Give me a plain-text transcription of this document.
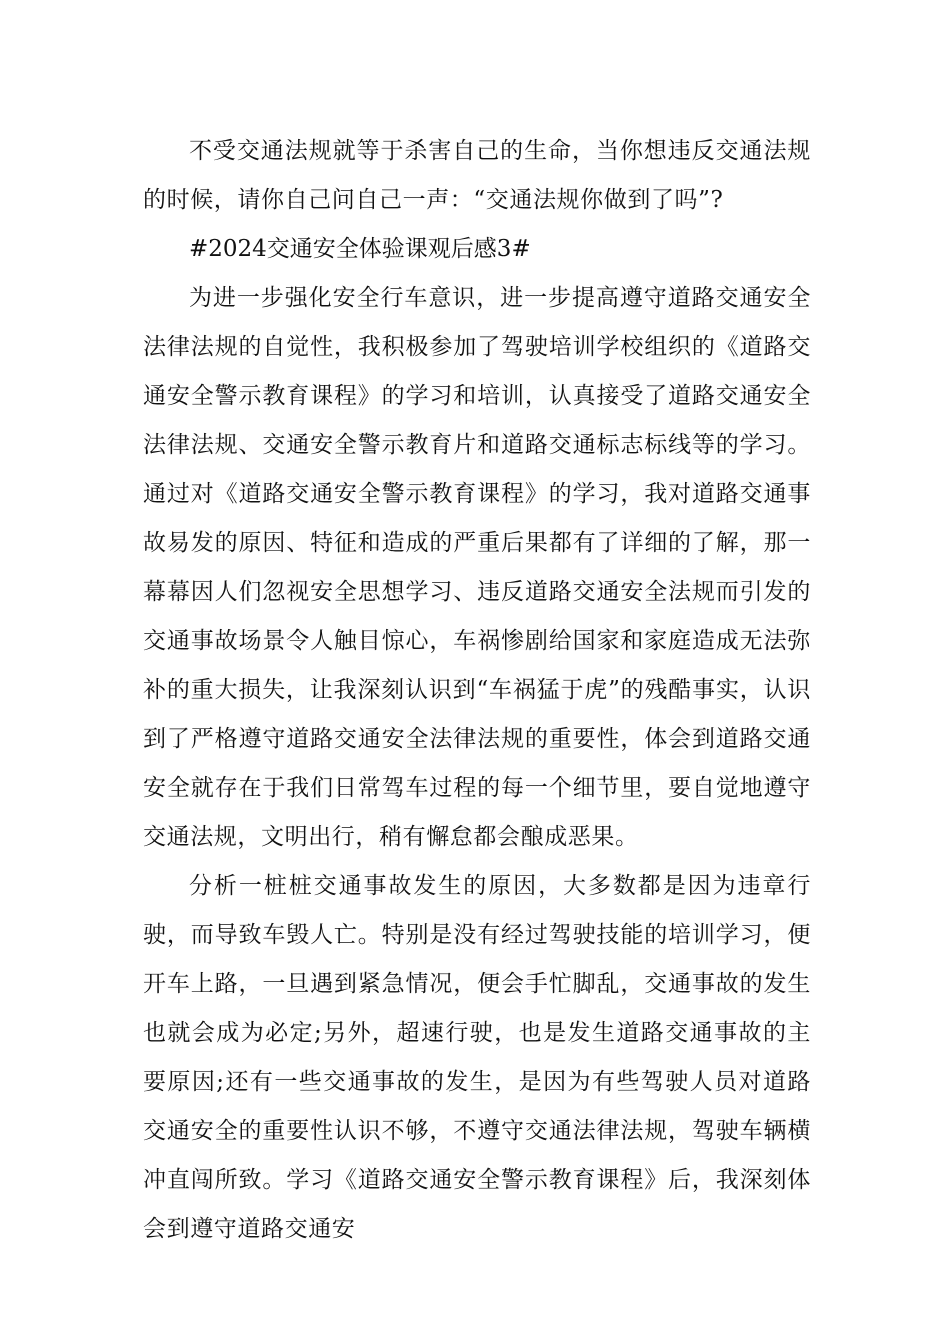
不受交通法规就等于杀害自己的生命，当你想违反交通法规的时候，请你自己问自己一声：“交通法规你做到了吗”?

#2024交通安全体验课观后感3#

为进一步强化安全行车意识，进一步提高遵守道路交通安全法律法规的自觉性，我积极参加了驾驶培训学校组织的《道路交通安全警示教育课程》的学习和培训，认真接受了道路交通安全法律法规、交通安全警示教育片和道路交通标志标线等的学习。通过对《道路交通安全警示教育课程》的学习，我对道路交通事故易发的原因、特征和造成的严重后果都有了详细的了解，那一幕幕因人们忽视安全思想学习、违反道路交通安全法规而引发的交通事故场景令人触目惊心，车祸惨剧给国家和家庭造成无法弥补的重大损失，让我深刻认识到“车祸猛于虎”的残酷事实，认识到了严格遵守道路交通安全法律法规的重要性，体会到道路交通安全就存在于我们日常驾车过程的每一个细节里，要自觉地遵守交通法规，文明出行，稍有懈怠都会酿成恶果。

分析一桩桩交通事故发生的原因，大多数都是因为违章行驶，而导致车毁人亡。特别是没有经过驾驶技能的培训学习，便开车上路，一旦遇到紧急情况，便会手忙脚乱，交通事故的发生也就会成为必定;另外，超速行驶，也是发生道路交通事故的主要原因;还有一些交通事故的发生，是因为有些驾驶人员对道路交通安全的重要性认识不够，不遵守交通法律法规，驾驶车辆横冲直闯所致。学习《道路交通安全警示教育课程》后，我深刻体会到遵守道路交通安
